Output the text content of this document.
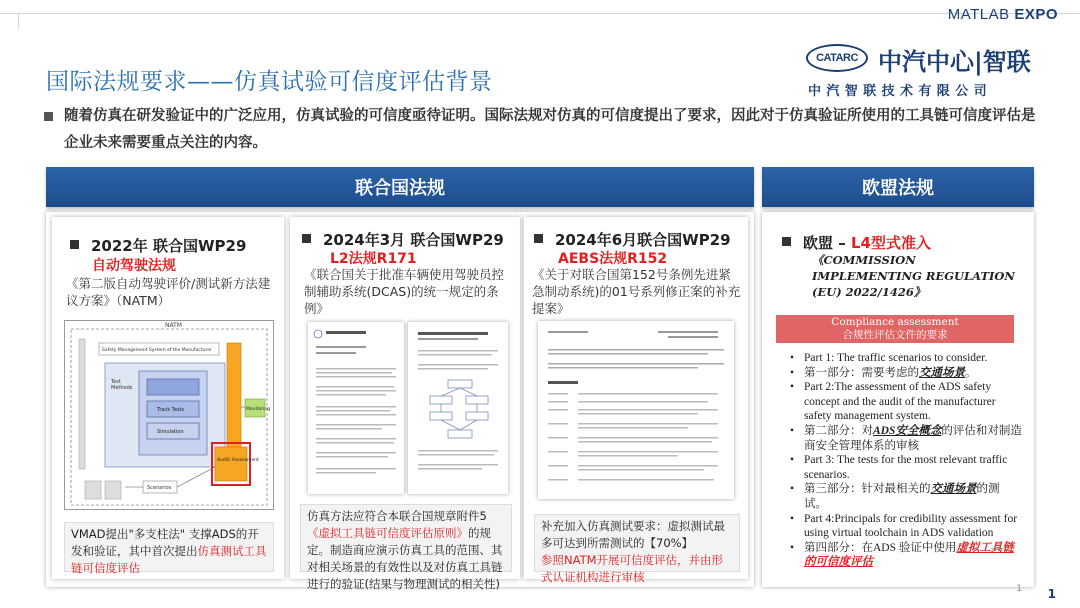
MATLAB EXPO
国际法规要求——仿真试验可信度评估背景
CATARC 中汽中心|智联
中汽智联技术有限公司
随着仿真在研发验证中的广泛应用，仿真试验的可信度亟待证明。国际法规对仿真的可信度提出了要求，因此对于仿真验证所使用的工具链可信度评估是企业未来需要重点关注的内容。
联合国法规	欧盟法规
2022年 联合国WP29
自动驾驶法规
《第二版自动驾驶评价/测试新方法建议方案》（NATM）
NATM
Safety Management System of the Manufacturer
Test
Methods
Track Tests
Simulation
Monitoring
Audit/ Assessment
Scenarios
VMAD提出"多支柱法" 支撑ADS的开发和验证，其中首次提出仿真测试工具链可信度评估
2024年3月 联合国WP29
L2法规R171
《联合国关于批准车辆使用驾驶员控制辅助系统(DCAS)的统一规定的条例》
仿真方法应符合本联合国规章附件5《虚拟工具链可信度评估原则》的规定。制造商应演示仿真工具的范围、其对相关场景的有效性以及对仿真工具链进行的验证(结果与物理测试的相关性)
2024年6月联合国WP29
AEBS法规R152
《关于对联合国第152号条例先进紧急制动系统)的01号系列修正案的补充提案》
补充加入仿真测试要求：虚拟测试最多可达到所需测试的【70%】
参照NATM开展可信度评估，并由形式认证机构进行审核
欧盟 – L4型式准入
《COMMISSION IMPLEMENTING REGULATION (EU) 2022/1426》
Compliance assessment
合规性评估文件的要求
• Part 1: The traffic scenarios to consider.
• 第一部分：需要考虑的交通场景。
• Part 2:The assessment of the ADS safety concept and the audit of the manufacturer safety management system.
• 第二部分：对ADS安全概念的评估和对制造商安全管理体系的审核
• Part 3: The tests for the most relevant traffic scenarios.
• 第三部分：针对最相关的交通场景的测试。
• Part 4:Principals for credibility assessment for using virtual toolchain in ADS validation
• 第四部分：在ADS 验证中使用虚拟工具链的可信度评估
1 1
